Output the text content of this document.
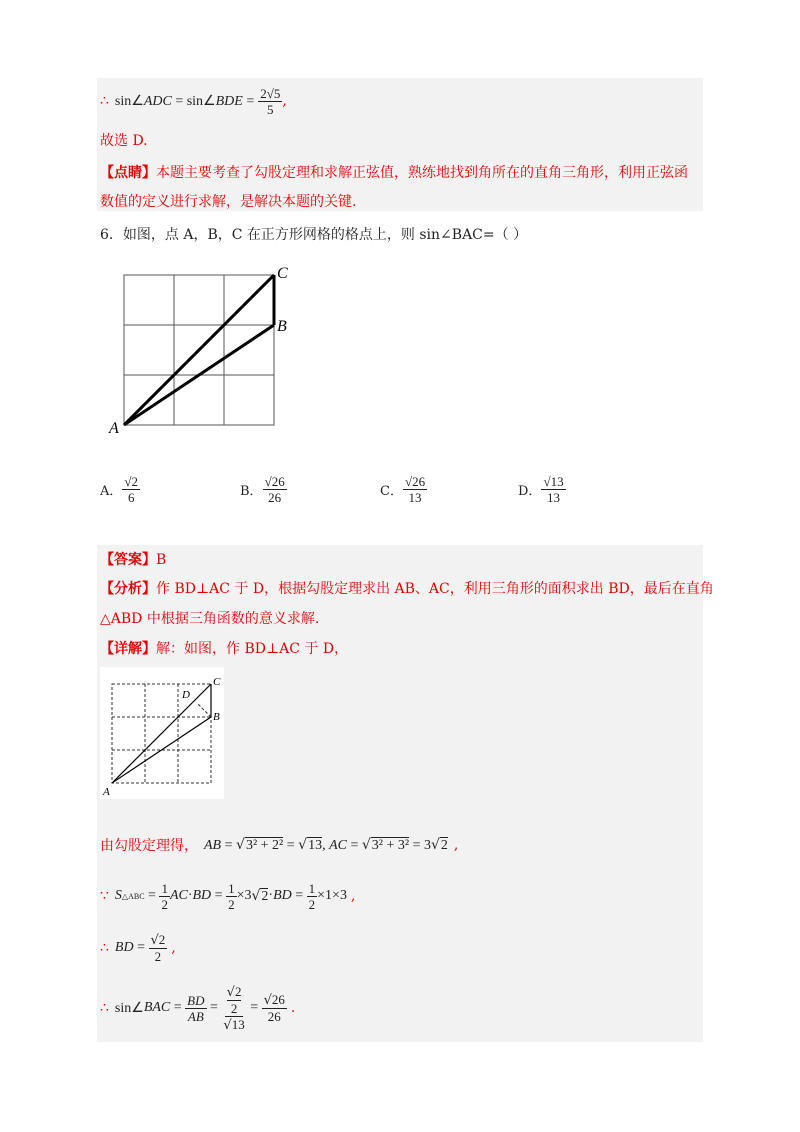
∴ sin∠ADC = sin∠BDE = $\frac{2√5}{5}$ ,
故选 D.
【点睛】本题主要考查了勾股定理和求解正弦值，熟练地找到角所在的直角三角形，利用正弦函
数值的定义进行求解，是解决本题的关键.
6．如图，点 A，B，C 在正方形网格的格点上，则 sin∠BAC=（ ）
A
B
C
A． $\frac{√2}{6}$	B． $\frac{√26}{26}$	C． $\frac{√26}{13}$	D． $\frac{√13}{13}$
【答案】B
【分析】作 BD⊥AC 于 D，根据勾股定理求出 AB、AC，利用三角形的面积求出 BD，最后在直角
△ABD 中根据三角函数的意义求解.
【详解】解：如图，作 BD⊥AC 于 D，
A
B
C
D
由勾股定理得， AB = √3² + 2² = √13, AC = √3² + 3² = 3√2 ,
∵ S △ABC = $\frac{1}{2}$ AC · BD = $\frac{1}{2} \times 3$ √ 2 · BD = $\frac{1}{2} \times 1\times 3$ ,
∴ BD = $\frac{√2}{2}$ ,
∴ sin∠ BAC = $\frac{BD}{AB} = √2$
2
$√13 = \frac{√26}{26}$ .
